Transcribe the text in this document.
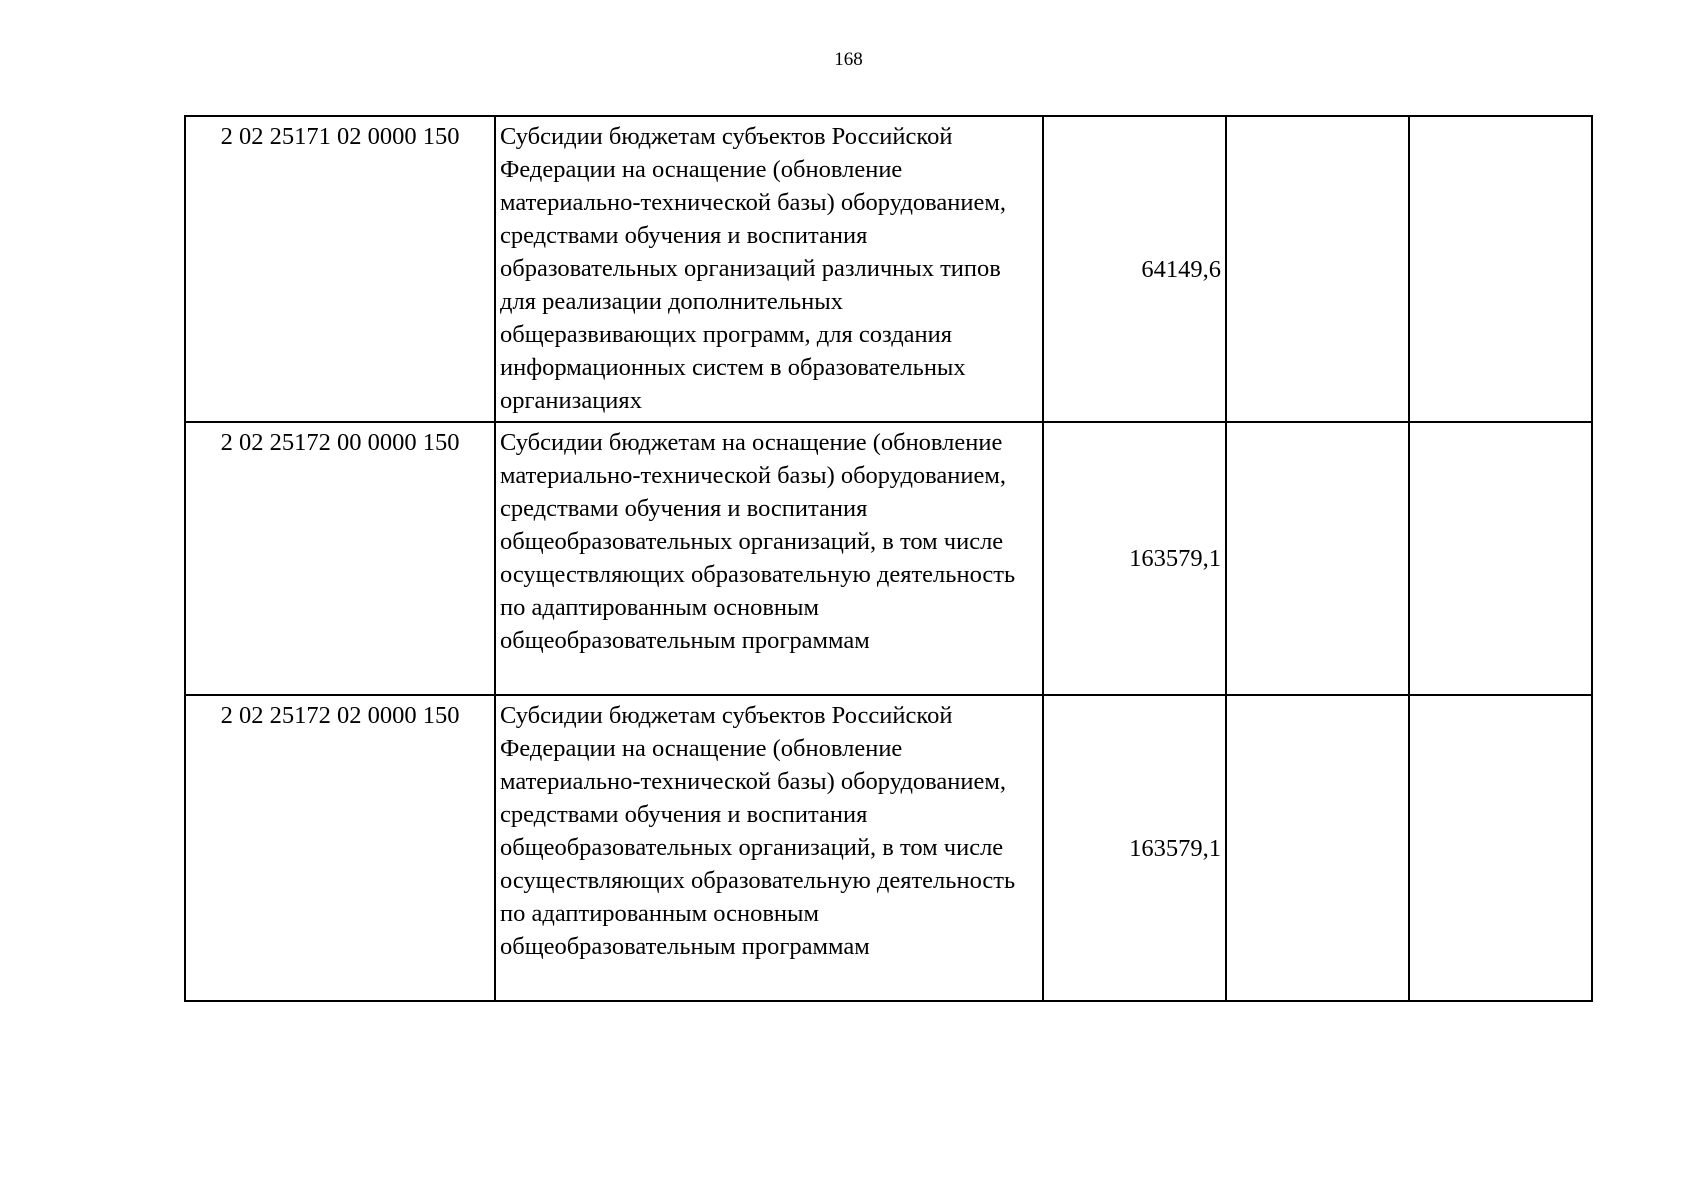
168
2 02 25171 02 0000 150	Субсидии бюджетам субъектов Российской Федерации на оснащение (обновление материально-технической базы) оборудованием, средствами обучения и воспитания образовательных организаций различных типов для реализации дополнительных общеразвивающих программ, для создания информационных систем в образовательных организациях	64149,6		
2 02 25172 00 0000 150	Субсидии бюджетам на оснащение (обновление материально-технической базы) оборудованием, средствами обучения и воспитания общеобразовательных организаций, в том числе осуществляющих образовательную деятельность по адаптированным основным общеобразовательным программам	163579,1		
2 02 25172 02 0000 150	Субсидии бюджетам субъектов Российской Федерации на оснащение (обновление материально-технической базы) оборудованием, средствами обучения и воспитания общеобразовательных организаций, в том числе осуществляющих образовательную деятельность по адаптированным основным общеобразовательным программам	163579,1		
